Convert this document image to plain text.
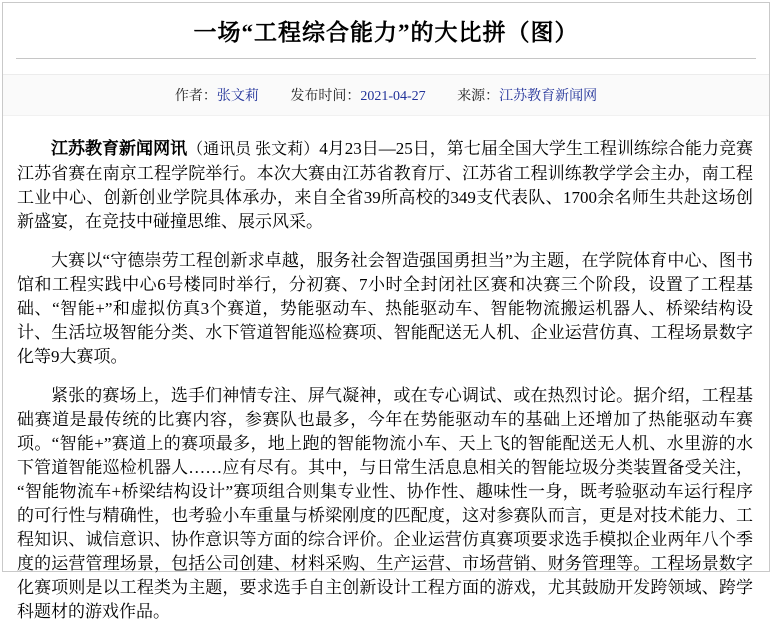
一场“工程综合能力”的大比拼（图）
作者：张文莉 发布时间：2021-04-27 来源：江苏教育新闻网

江苏教育新闻网讯（通讯员 张文莉）4月23日—25日，第七届全国大学生工程训练综合能力竞赛江苏省赛在南京工程学院举行。本次大赛由江苏省教育厅、江苏省工程训练教学学会主办，南工程工业中心、创新创业学院具体承办，来自全省39所高校的349支代表队、1700余名师生共赴这场创新盛宴，在竞技中碰撞思维、展示风采。

大赛以“守德崇劳工程创新求卓越，服务社会智造强国勇担当”为主题，在学院体育中心、图书馆和工程实践中心6号楼同时举行，分初赛、7小时全封闭社区赛和决赛三个阶段，设置了工程基础、“智能+”和虚拟仿真3个赛道，势能驱动车、热能驱动车、智能物流搬运机器人、桥梁结构设计、生活垃圾智能分类、水下管道智能巡检赛项、智能配送无人机、企业运营仿真、工程场景数字化等9大赛项。

紧张的赛场上，选手们神情专注、屏气凝神，或在专心调试、或在热烈讨论。据介绍，工程基础赛道是最传统的比赛内容，参赛队也最多，今年在势能驱动车的基础上还增加了热能驱动车赛项。“智能+”赛道上的赛项最多，地上跑的智能物流小车、天上飞的智能配送无人机、水里游的水下管道智能巡检机器人……应有尽有。其中，与日常生活息息相关的智能垃圾分类装置备受关注，“智能物流车+桥梁结构设计”赛项组合则集专业性、协作性、趣味性一身，既考验驱动车运行程序的可行性与精确性，也考验小车重量与桥梁刚度的匹配度，这对参赛队而言，更是对技术能力、工程知识、诚信意识、协作意识等方面的综合评价。企业运营仿真赛项要求选手模拟企业两年八个季度的运营管理场景，包括公司创建、材料采购、生产运营、市场营销、财务管理等。工程场景数字化赛项则是以工程类为主题，要求选手自主创新设计工程方面的游戏，尤其鼓励开发跨领域、跨学科题材的游戏作品。
